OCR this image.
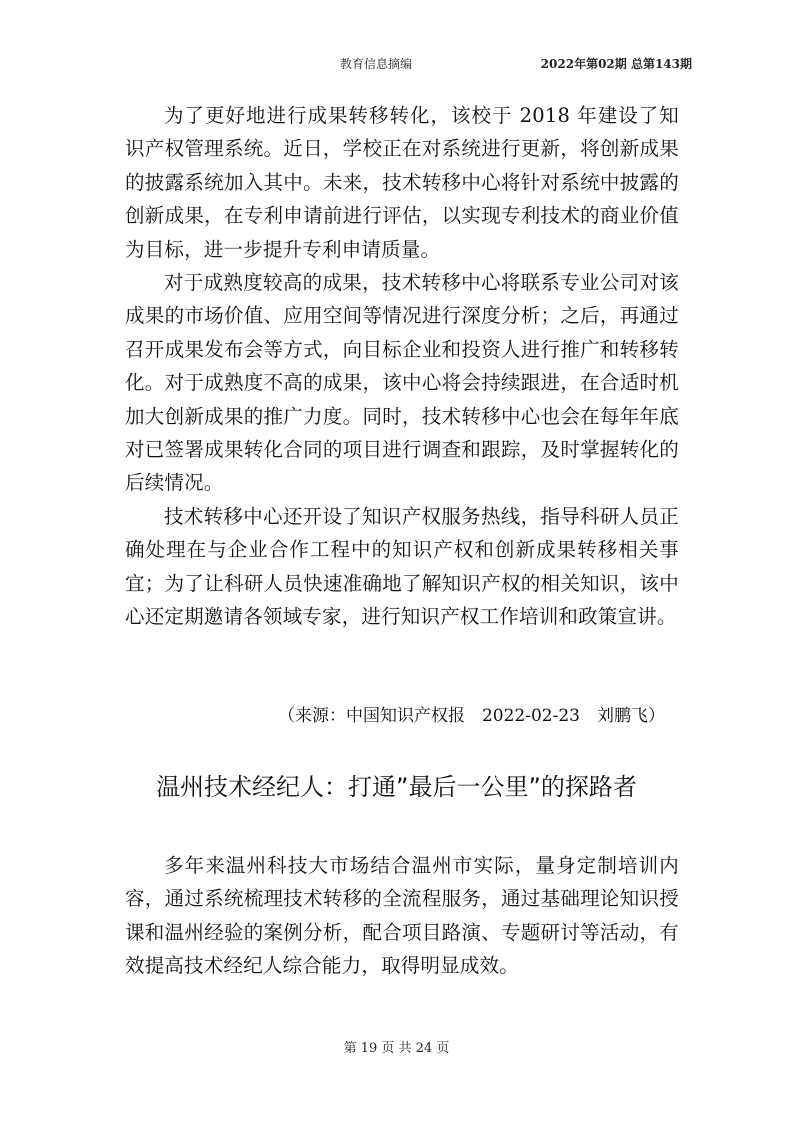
教育信息摘编	2022年第02期 总第143期

为了更好地进行成果转移转化，该校于 2018 年建设了知识产权管理系统。近日，学校正在对系统进行更新，将创新成果的披露系统加入其中。未来，技术转移中心将针对系统中披露的创新成果，在专利申请前进行评估，以实现专利技术的商业价值为目标，进一步提升专利申请质量。

对于成熟度较高的成果，技术转移中心将联系专业公司对该成果的市场价值、应用空间等情况进行深度分析；之后，再通过召开成果发布会等方式，向目标企业和投资人进行推广和转移转化。对于成熟度不高的成果，该中心将会持续跟进，在合适时机加大创新成果的推广力度。同时，技术转移中心也会在每年年底对已签署成果转化合同的项目进行调查和跟踪，及时掌握转化的后续情况。

技术转移中心还开设了知识产权服务热线，指导科研人员正确处理在与企业合作工程中的知识产权和创新成果转移相关事宜；为了让科研人员快速准确地了解知识产权的相关知识，该中心还定期邀请各领域专家，进行知识产权工作培训和政策宣讲。

（来源：中国知识产权报　2022-02-23　刘鹏飞）
温州技术经纪人：打通”最后一公里”的探路者

多年来温州科技大市场结合温州市实际，量身定制培训内容，通过系统梳理技术转移的全流程服务，通过基础理论知识授课和温州经验的案例分析，配合项目路演、专题研讨等活动，有效提高技术经纪人综合能力，取得明显成效。

第 19 页 共 24 页
